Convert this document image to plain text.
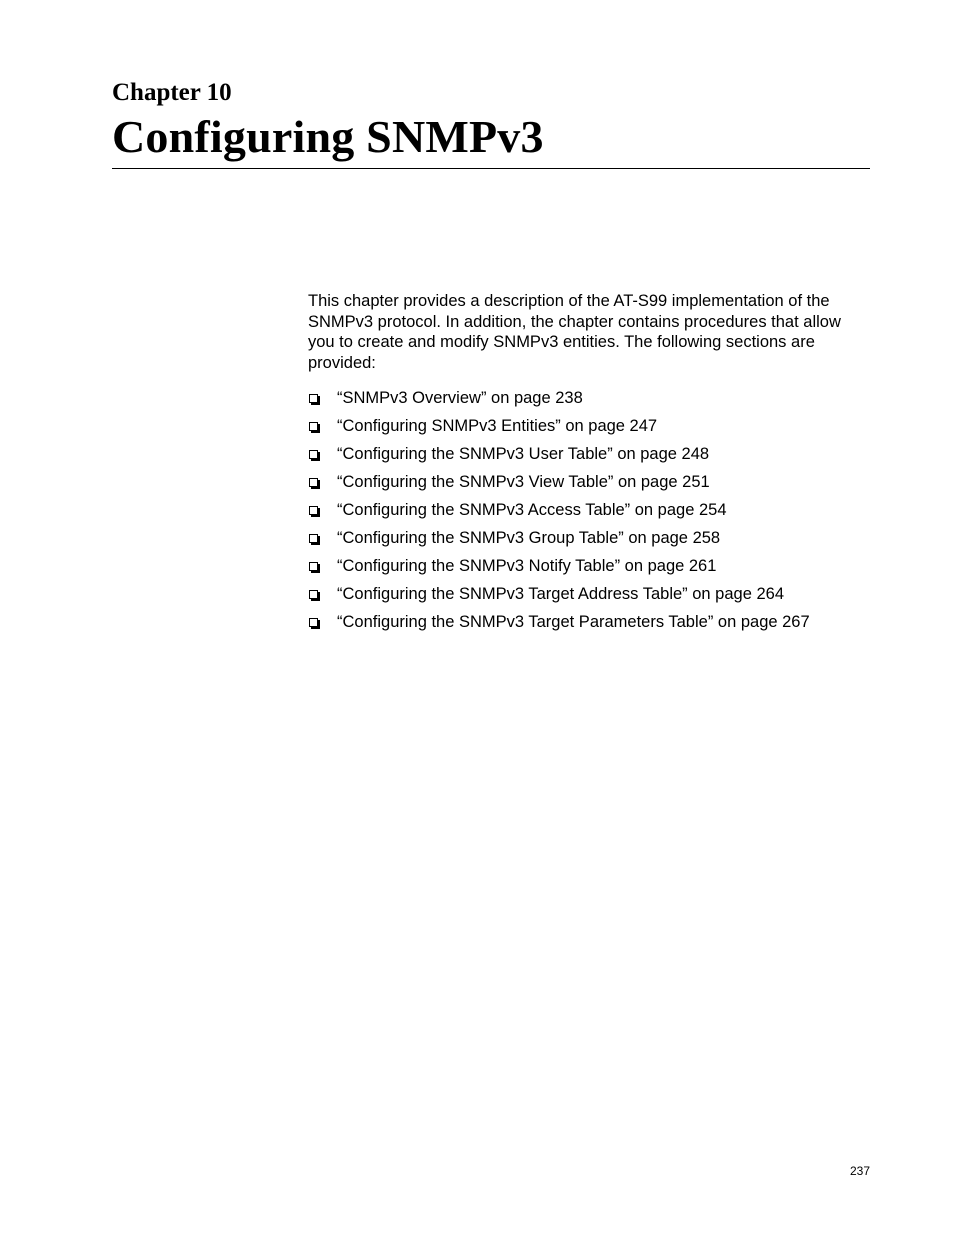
Chapter 10
Configuring SNMPv3

This chapter provides a description of the AT-S99 implementation of the SNMPv3 protocol. In addition, the chapter contains procedures that allow you to create and modify SNMPv3 entities. The following sections are provided:

“SNMPv3 Overview” on page 238
“Configuring SNMPv3 Entities” on page 247
“Configuring the SNMPv3 User Table” on page 248
“Configuring the SNMPv3 View Table” on page 251
“Configuring the SNMPv3 Access Table” on page 254
“Configuring the SNMPv3 Group Table” on page 258
“Configuring the SNMPv3 Notify Table” on page 261
“Configuring the SNMPv3 Target Address Table” on page 264
“Configuring the SNMPv3 Target Parameters Table” on page 267
237
